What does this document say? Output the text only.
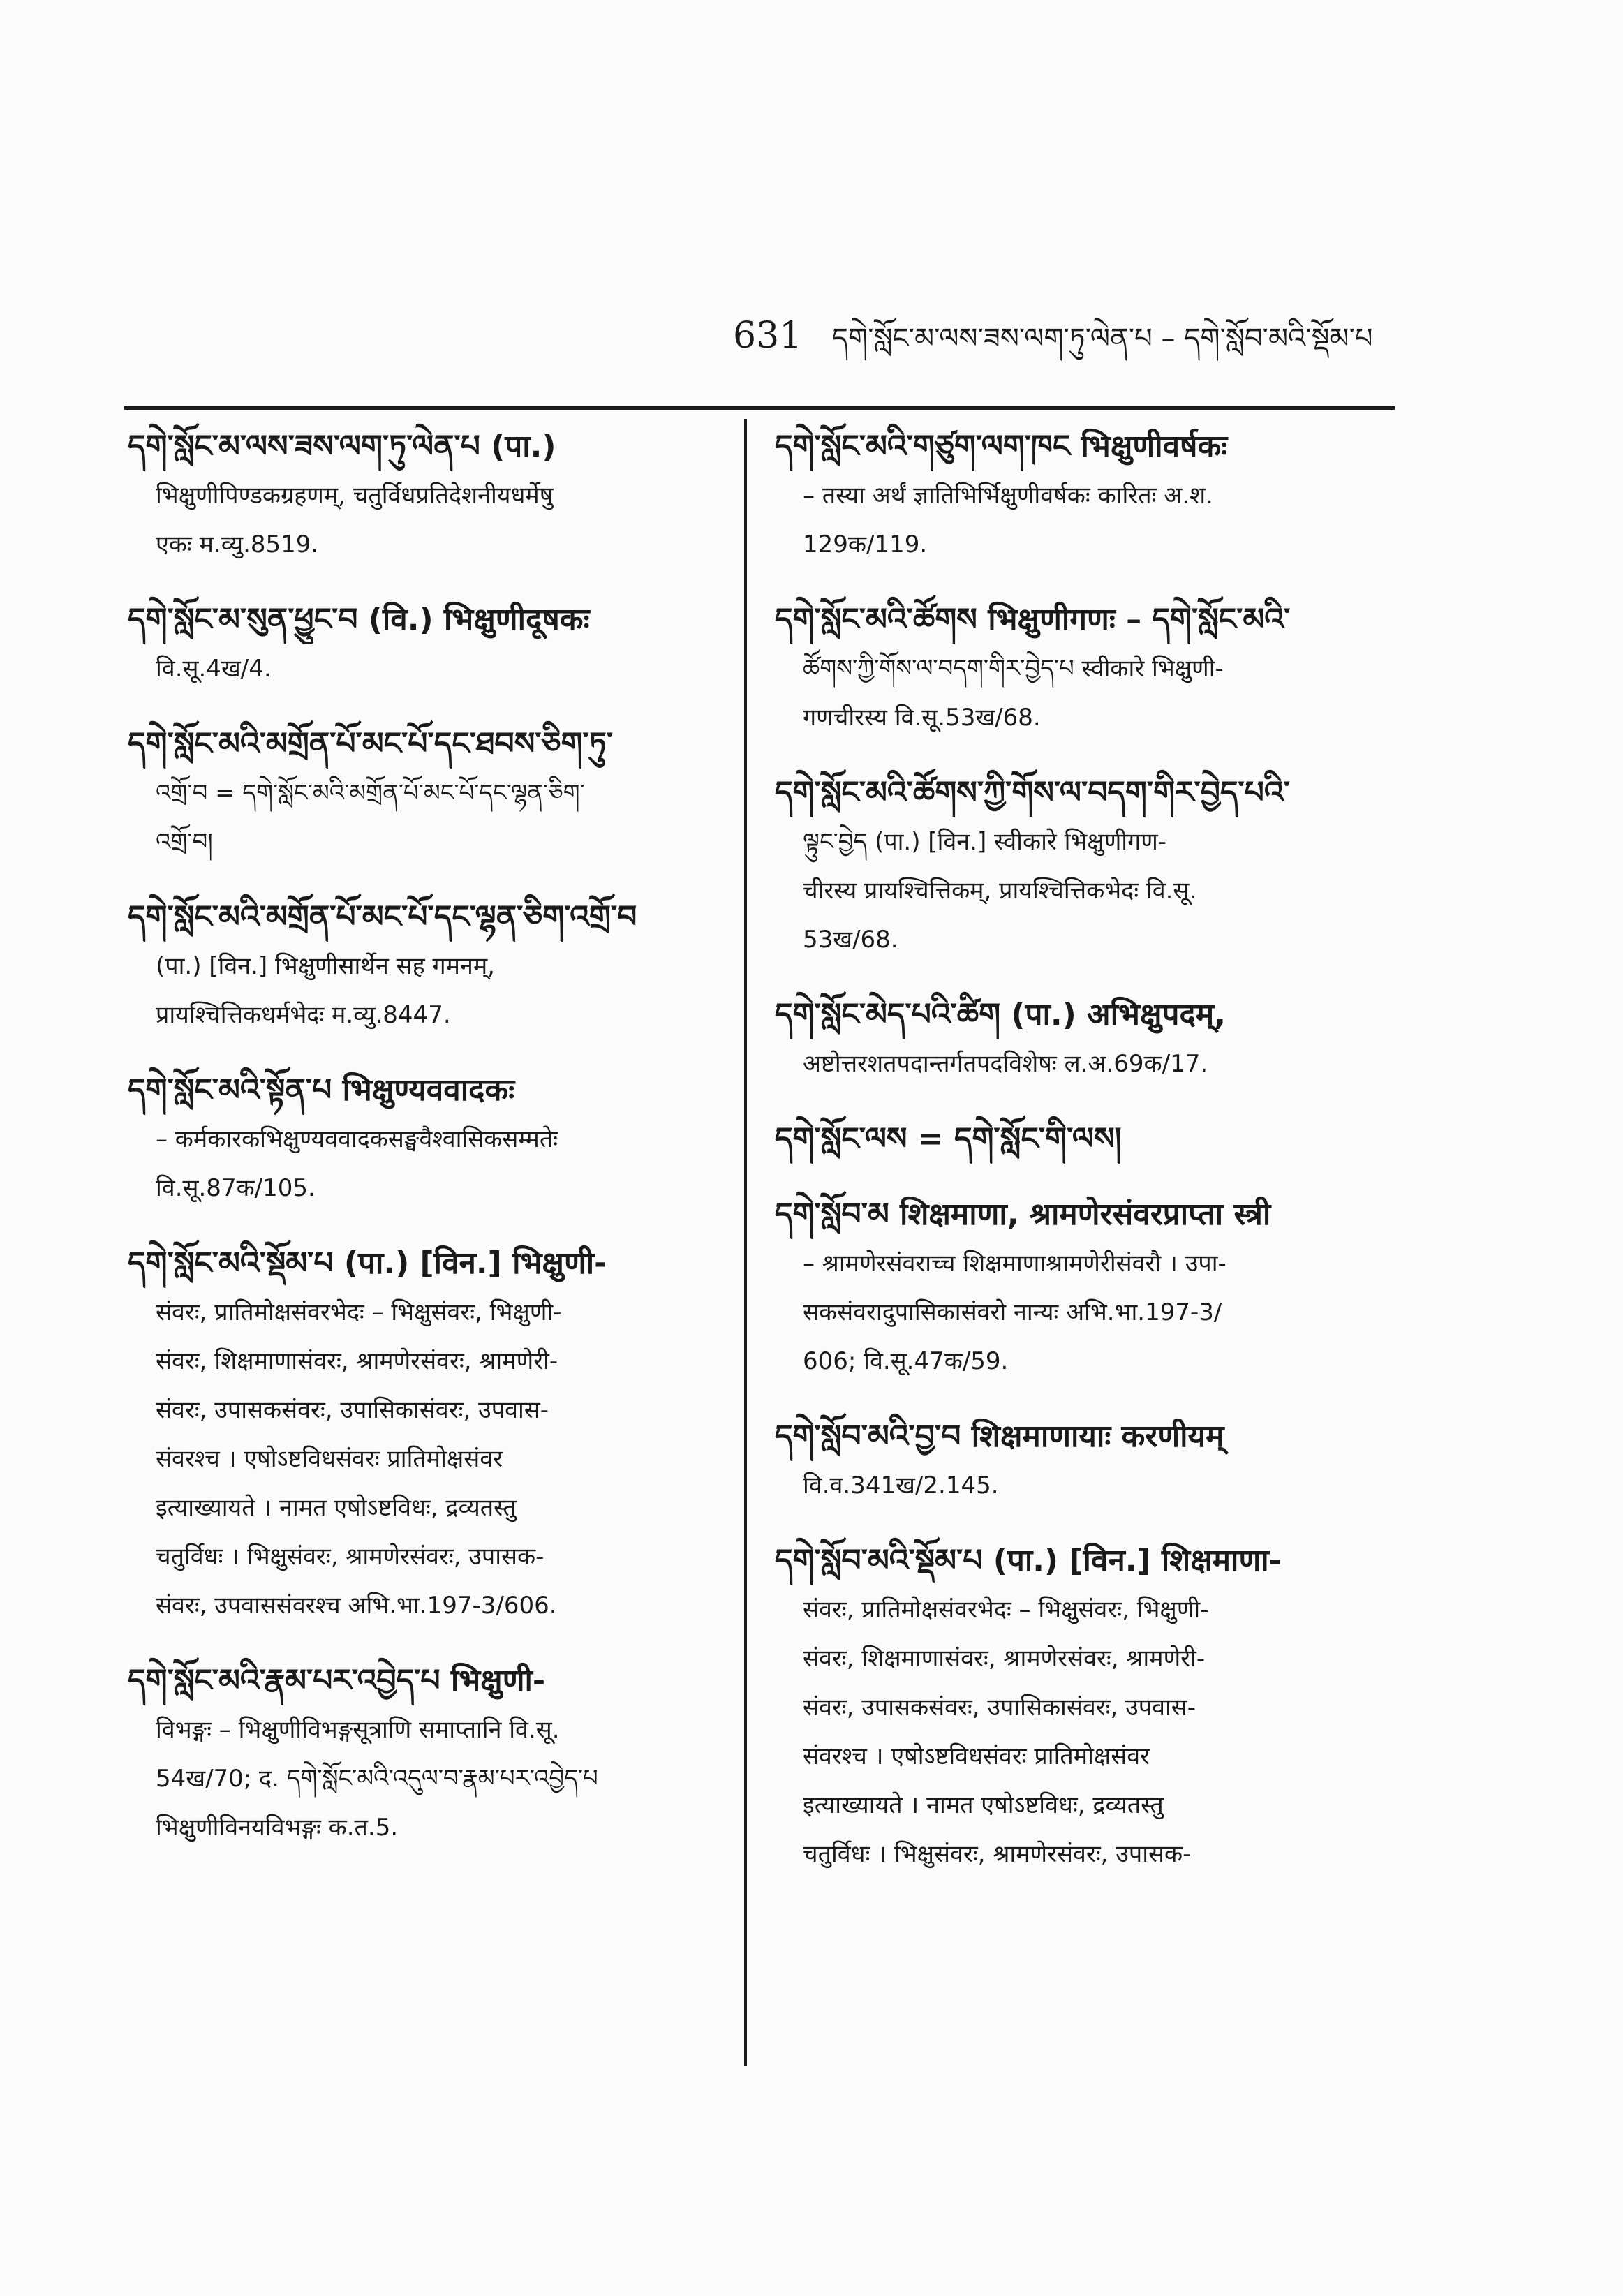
631 དགེ་སློང་མ་ལས་ཟས་ལག་ཏུ་ལེན་པ – དགེ་སློབ་མའི་སྡོམ་པ
དགེ་སློང་མ་ལས་ཟས་ལག་ཏུ་ལེན་པ (पा.)
भिक्षुणीपिण्डकग्रहणम्, चतुर्विधप्रतिदेशनीयधर्मेषु
एकः म.व्यु.8519.
དགེ་སློང་མ་སུན་ཕྱུང་བ (वि.) भिक्षुणीदूषकः
वि.सू.4ख/4.
དགེ་སློང་མའི་མགྲོན་པོ་མང་པོ་དང་ཐབས་ཅིག་ཏུ་
འགྲོ་བ = དགེ་སློང་མའི་མགྲོན་པོ་མང་པོ་དང་ལྷན་ཅིག་
འགྲོ་བ།
དགེ་སློང་མའི་མགྲོན་པོ་མང་པོ་དང་ལྷན་ཅིག་འགྲོ་བ
(पा.) [विन.] भिक्षुणीसार्थेन सह गमनम्,
प्रायश्चित्तिकधर्मभेदः म.व्यु.8447.
དགེ་སློང་མའི་སྟོན་པ भिक्षुण्यववादकः
– कर्मकारकभिक्षुण्यववादकसङ्घवैश्वासिकसम्मतेः
वि.सू.87क/105.
དགེ་སློང་མའི་སྡོམ་པ (पा.) [विन.] भिक्षुणी-
संवरः, प्रातिमोक्षसंवरभेदः – भिक्षुसंवरः, भिक्षुणी-
संवरः, शिक्षमाणासंवरः, श्रामणेरसंवरः, श्रामणेरी-
संवरः, उपासकसंवरः, उपासिकासंवरः, उपवास-
संवरश्च । एषोऽष्टविधसंवरः प्रातिमोक्षसंवर
इत्याख्यायते । नामत एषोऽष्टविधः, द्रव्यतस्तु
चतुर्विधः । भिक्षुसंवरः, श्रामणेरसंवरः, उपासक-
संवरः, उपवाससंवरश्च अभि.भा.197-3/606.
དགེ་སློང་མའི་རྣམ་པར་འབྱེད་པ भिक्षुणी-
विभङ्गः – भिक्षुणीविभङ्गसूत्राणि समाप्तानि वि.सू.
54ख/70; द. དགེ་སློང་མའི་འདུལ་བ་རྣམ་པར་འབྱེད་པ
भिक्षुणीविनयविभङ्गः क.त.5.
དགེ་སློང་མའི་གཙུག་ལག་ཁང भिक्षुणीवर्षकः
– तस्या अर्थं ज्ञातिभिर्भिक्षुणीवर्षकः कारितः अ.श.
129क/119.
དགེ་སློང་མའི་ཚོགས भिक्षुणीगणः – དགེ་སློང་མའི་
ཚོགས་ཀྱི་གོས་ལ་བདག་གིར་བྱེད་པ स्वीकारे भिक्षुणी-
गणचीरस्य वि.सू.53ख/68.
དགེ་སློང་མའི་ཚོགས་ཀྱི་གོས་ལ་བདག་གིར་བྱེད་པའི་
ལྟུང་བྱེད (पा.) [विन.] स्वीकारे भिक्षुणीगण-
चीरस्य प्रायश्चित्तिकम्, प्रायश्चित्तिकभेदः वि.सू.
53ख/68.
དགེ་སློང་མེད་པའི་ཚིག (पा.) अभिक्षुपदम्,
अष्टोत्तरशतपदान्तर्गतपदविशेषः ल.अ.69क/17.
དགེ་སློང་ལས = དགེ་སློང་གི་ལས།
དགེ་སློབ་མ शिक्षमाणा, श्रामणेरसंवरप्राप्ता स्त्री
– श्रामणेरसंवराच्च शिक्षमाणाश्रामणेरीसंवरौ । उपा-
सकसंवरादुपासिकासंवरो नान्यः अभि.भा.197-3/
606; वि.सू.47क/59.
དགེ་སློབ་མའི་བྱ་བ शिक्षमाणायाः करणीयम्
वि.व.341ख/2.145.
དགེ་སློབ་མའི་སྡོམ་པ (पा.) [विन.] शिक्षमाणा-
संवरः, प्रातिमोक्षसंवरभेदः – भिक्षुसंवरः, भिक्षुणी-
संवरः, शिक्षमाणासंवरः, श्रामणेरसंवरः, श्रामणेरी-
संवरः, उपासकसंवरः, उपासिकासंवरः, उपवास-
संवरश्च । एषोऽष्टविधसंवरः प्रातिमोक्षसंवर
इत्याख्यायते । नामत एषोऽष्टविधः, द्रव्यतस्तु
चतुर्विधः । भिक्षुसंवरः, श्रामणेरसंवरः, उपासक-
